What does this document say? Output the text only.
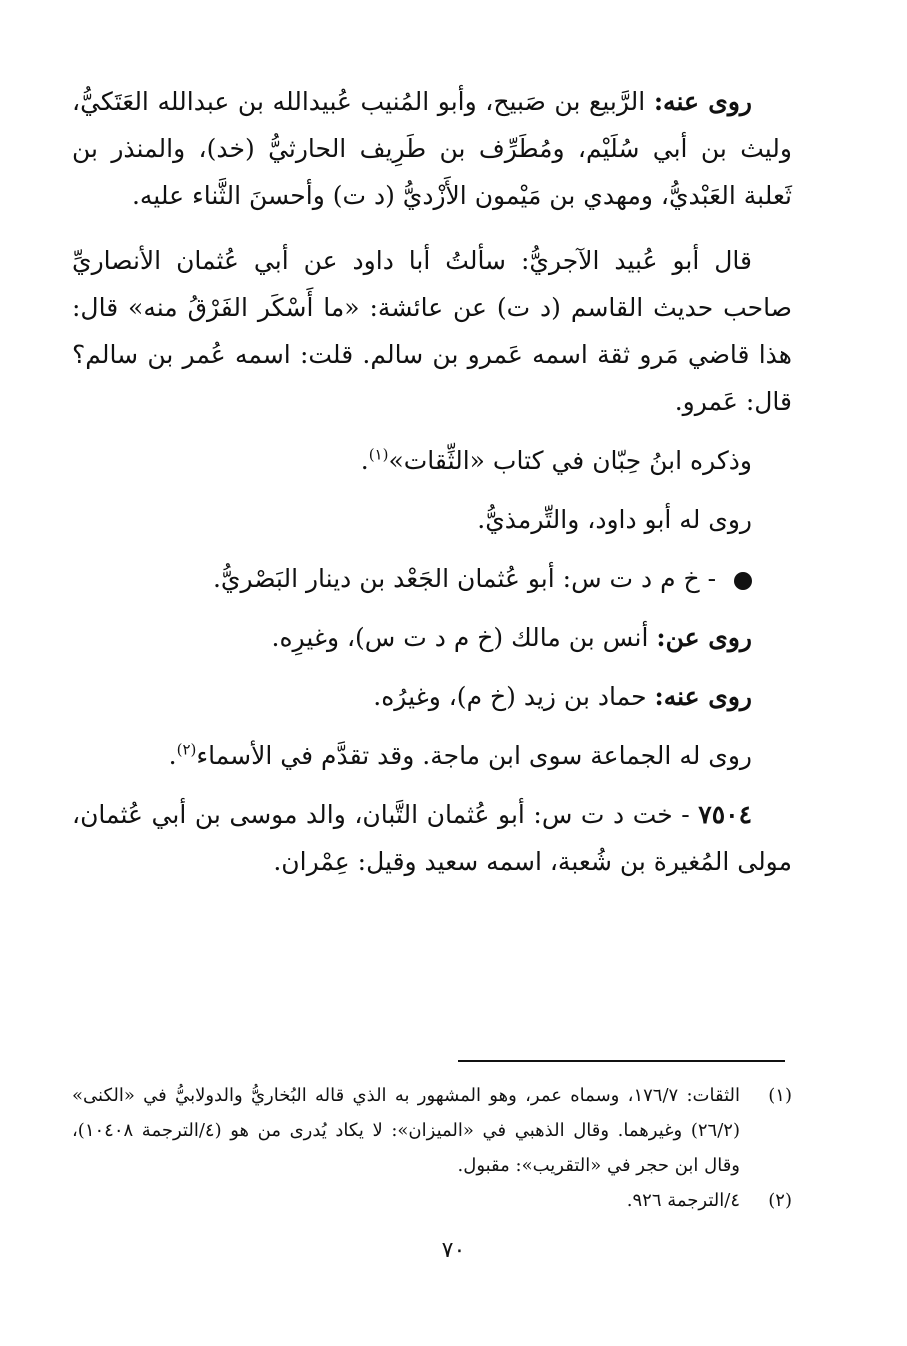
روى عنه: الرَّبيع بن صَبيح، وأبو المُنيب عُبيدالله بن عبدالله العَتَكيُّ، وليث بن أبي سُلَيْم، ومُطَرِّف بن طَرِيف الحارثيُّ (خد)، والمنذر بن ثَعلبة العَبْديُّ، ومهدي بن مَيْمون الأَزْديُّ (د ت) وأحسنَ الثَّناء عليه.

قال أبو عُبيد الآجريُّ: سألتُ أبا داود عن أبي عُثمان الأنصاريِّ صاحب حديث القاسم (د ت) عن عائشة: «ما أَسْكَر الفَرْقُ منه» قال: هذا قاضي مَرو ثقة اسمه عَمرو بن سالم. قلت: اسمه عُمر بن سالم؟ قال: عَمرو.

وذكره ابنُ حِبّان في كتاب «الثِّقات»$^{(١)}$.

روى له أبو داود، والتِّرمذيُّ.

- خ م د ت س: أبو عُثمان الجَعْد بن دينار البَصْريُّ.

روى عن: أنس بن مالك (خ م د ت س)، وغيرِه.

روى عنه: حماد بن زيد (خ م)، وغيرُه.

روى له الجماعة سوى ابن ماجة. وقد تقدَّم في الأسماء$^{(٢)}$.

٧٥٠٤ - خت د ت س: أبو عُثمان التَّبان، والد موسى بن أبي عُثمان، مولى المُغيرة بن شُعبة، اسمه سعيد وقيل: عِمْران.

(١)
الثقات: ١٧٦/٧، وسماه عمر، وهو المشهور به الذي قاله البُخاريُّ والدولابيُّ في «الكنى» (٢٦/٢) وغيرهما. وقال الذهبي في «الميزان»: لا يكاد يُدرى من هو (٤/الترجمة ١٠٤٠٨)، وقال ابن حجر في «التقريب»: مقبول.

(٢)
٤/الترجمة ٩٢٦.

٧٠
